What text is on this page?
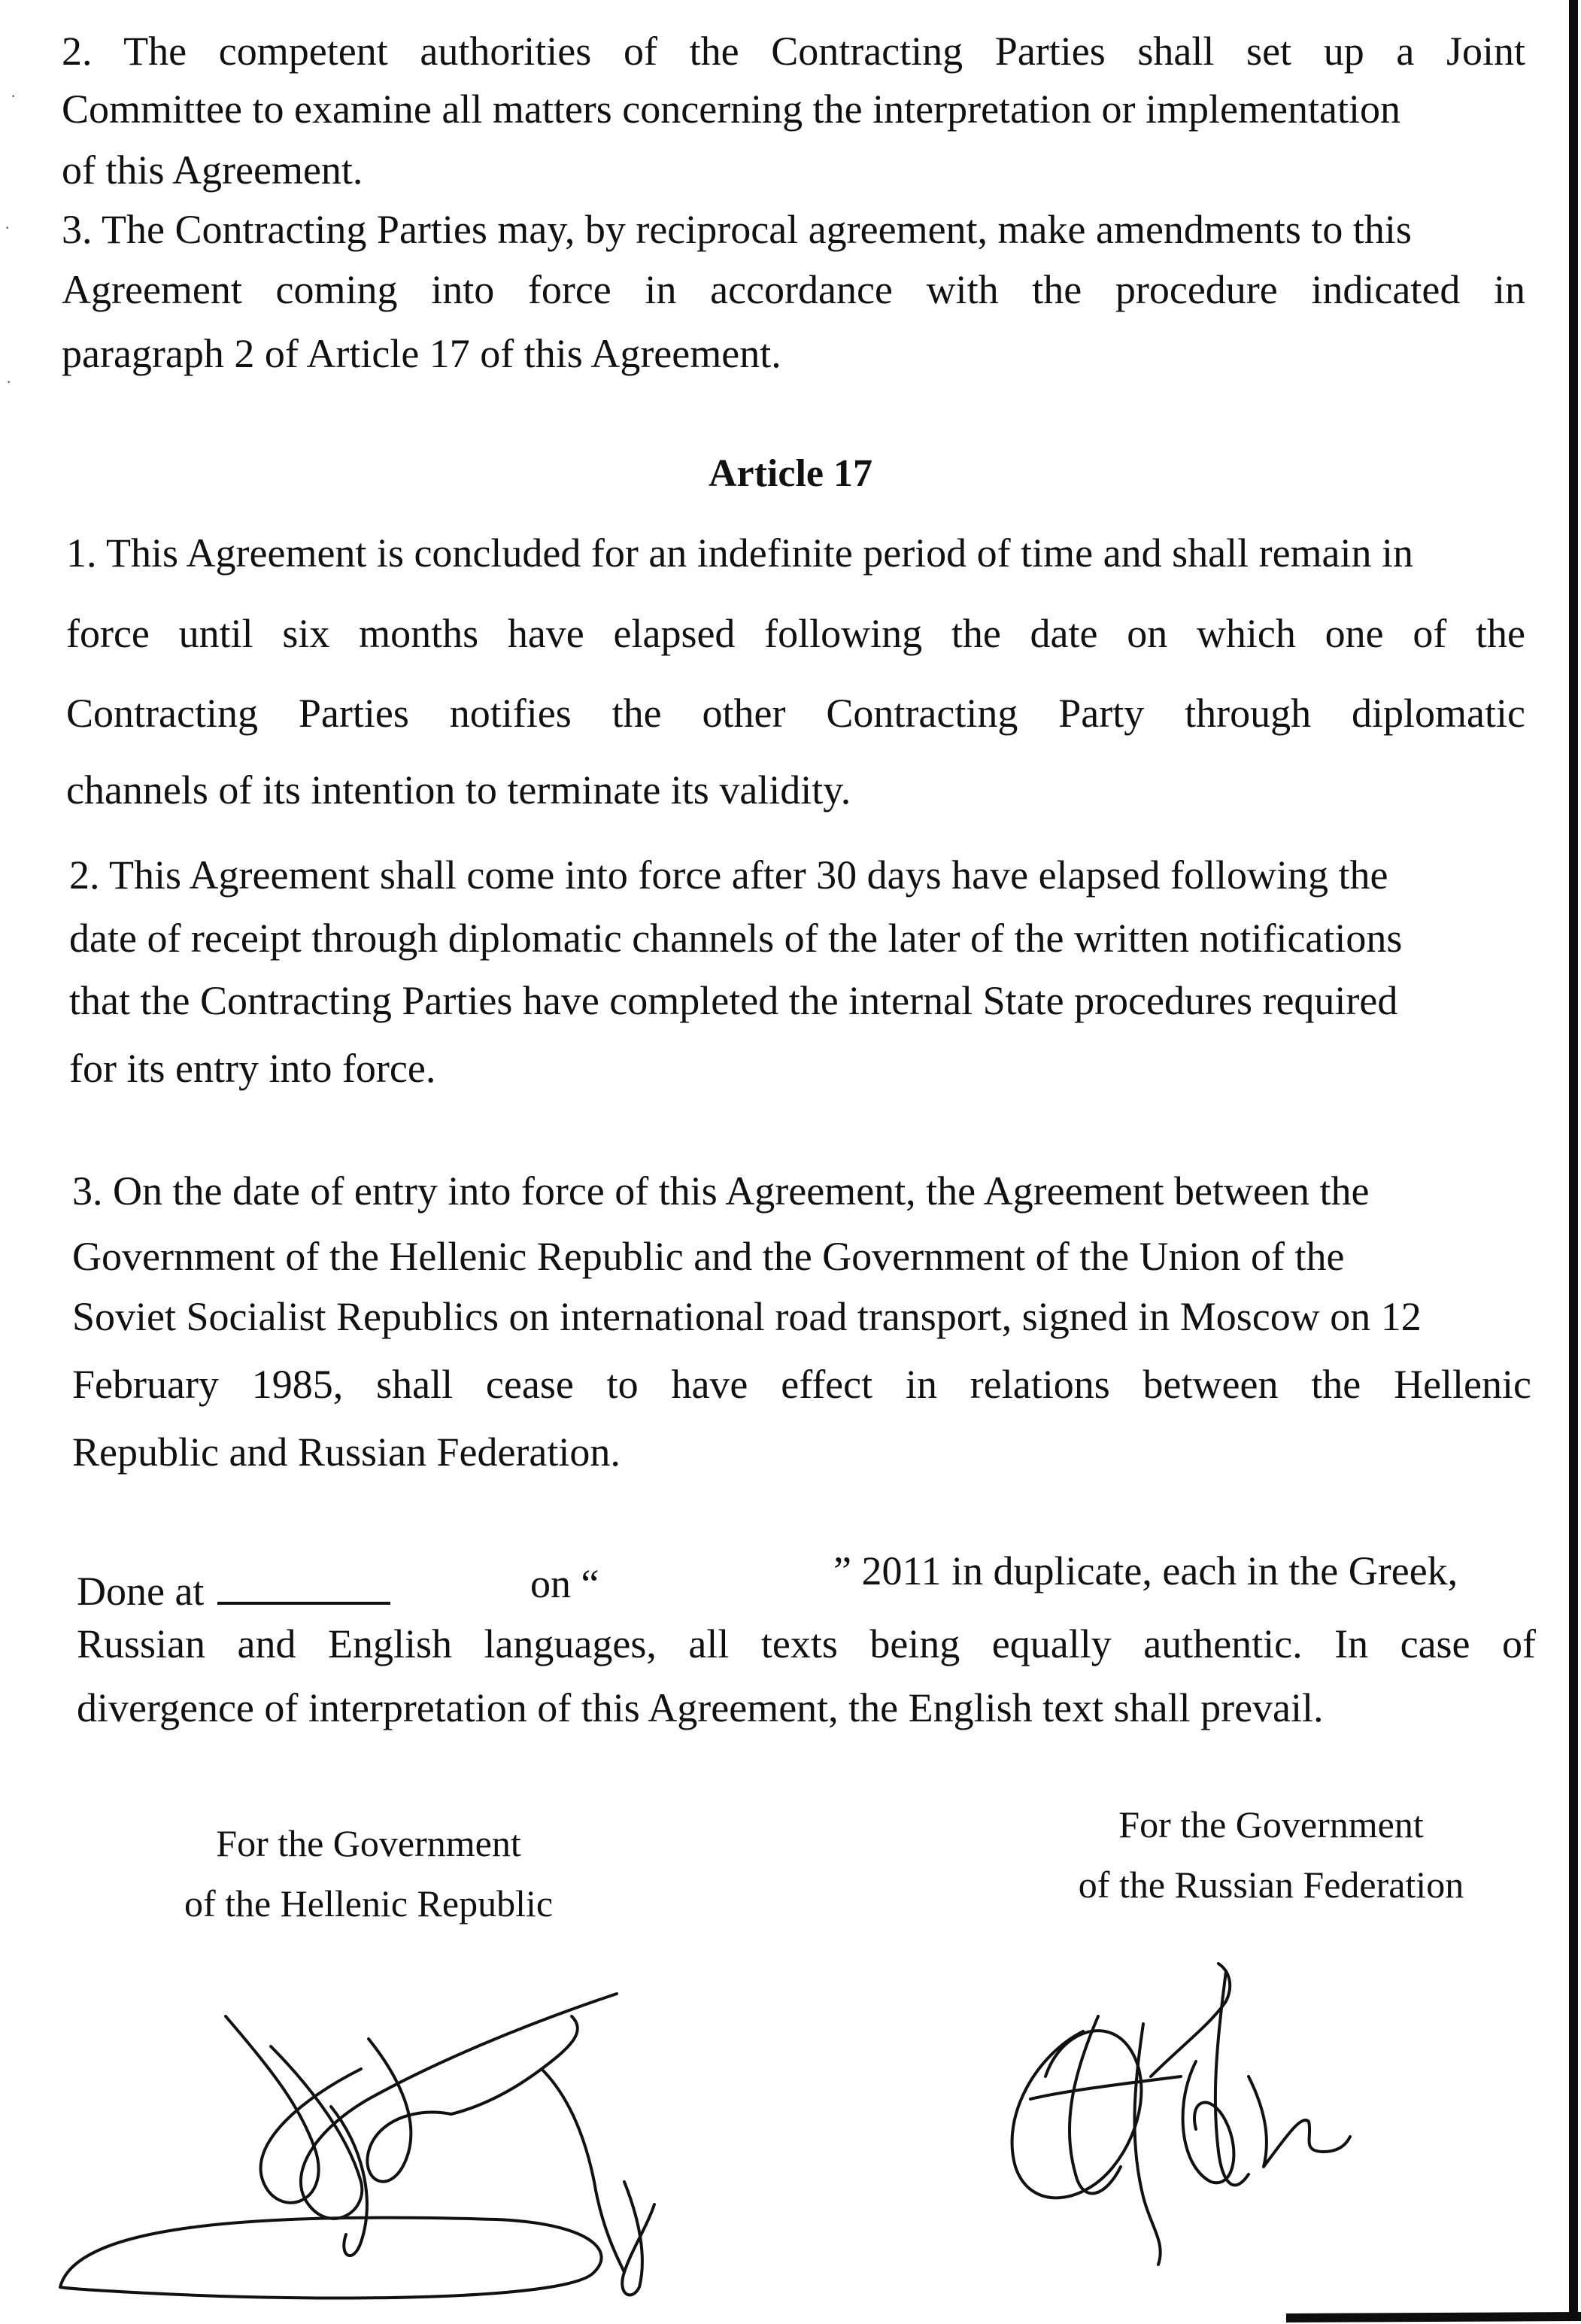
·
·
·
2. The competent authorities of the Contracting Parties shall set up a Joint
Committee to examine all matters concerning the interpretation or implementation
of this Agreement.
3. The Contracting Parties may, by reciprocal agreement, make amendments to this
Agreement coming into force in accordance with the procedure indicated in
paragraph 2 of Article 17 of this Agreement.
Article 17
1. This Agreement is concluded for an indefinite period of time and shall remain in
force until six months have elapsed following the date on which one of the
Contracting Parties notifies the other Contracting Party through diplomatic
channels of its intention to terminate its validity.
2. This Agreement shall come into force after 30 days have elapsed following the
date of receipt through diplomatic channels of the later of the written notifications
that the Contracting Parties have completed the internal State procedures required
for its entry into force.
3. On the date of entry into force of this Agreement, the Agreement between the
Government of the Hellenic Republic and the Government of the Union of the
Soviet Socialist Republics on international road transport, signed in Moscow on 12
February 1985, shall cease to have effect in relations between the Hellenic
Republic and Russian Federation.
Done at	on “	” 2011 in duplicate, each in the Greek,
Russian and English languages, all texts being equally authentic. In case of
divergence of interpretation of this Agreement, the English text shall prevail.
For the Government
of the Hellenic Republic
For the Government
of the Russian Federation
